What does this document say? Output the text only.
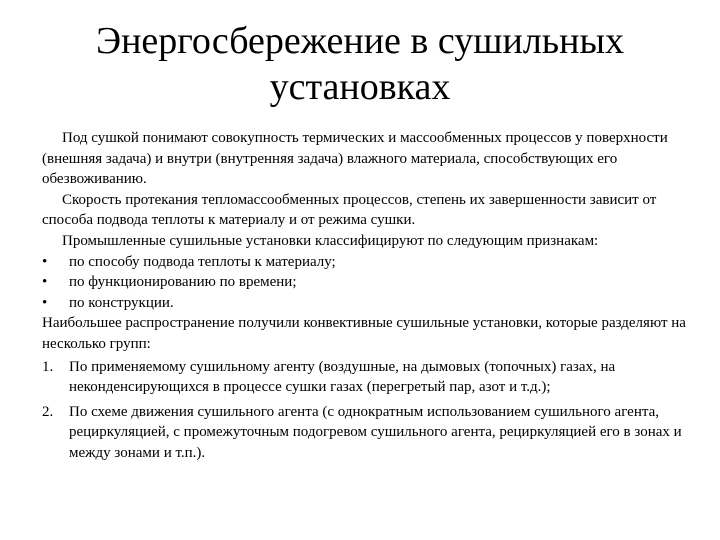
Энергосбережение в сушильных
установках

Под сушкой понимают совокупность термических и массообменных процессов у поверхности (внешняя задача) и внутри (внутренняя задача) влажного материала, способствующих его обезвоживанию.

Скорость протекания тепломассообменных процессов, степень их завершенности зависит от способа подвода теплоты к материалу и от режима сушки.

Промышленные сушильные установки классифицируют по следующим признакам:

• по способу подвода теплоты к материалу;
• по функционированию по времени;
• по конструкции.

Наибольшее распространение получили конвективные сушильные установки, которые разделяют на несколько групп:

1. По применяемому сушильному агенту (воздушные, на дымовых (топочных) газах, на неконденсирующихся в процессе сушки газах (перегретый пар, азот и т.д.);
2. По схеме движения сушильного агента (с однократным использованием сушильного агента, рециркуляцией, с промежуточным подогревом сушильного агента, рециркуляцией его в зонах и между зонами и т.п.).
